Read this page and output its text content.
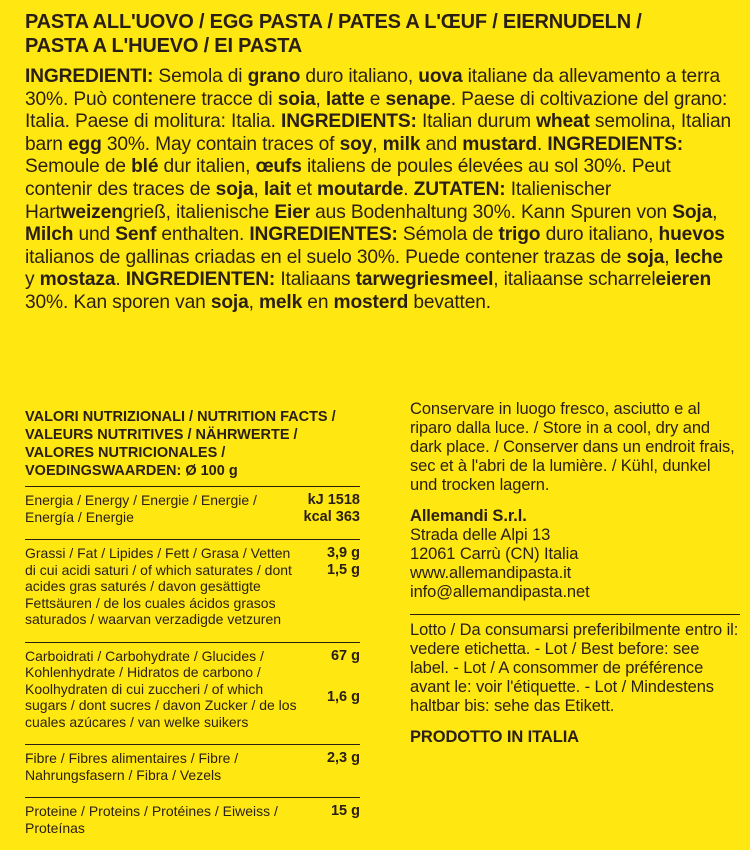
PASTA ALL'UOVO / EGG PASTA / PATES A L'ŒUF / EIERNUDELN /
PASTA A L'HUEVO / EI PASTA
INGREDIENTI: Semola di grano duro italiano, uova italiane da allevamento a terra 30%. Può contenere tracce di soia, latte e senape. Paese di coltivazione del grano: Italia. Paese di molitura: Italia. INGREDIENTS: Italian durum wheat semolina, Italian barn egg 30%. May contain traces of soy, milk and mustard. INGREDIENTS: Semoule de blé dur italien, œufs italiens de poules élevées au sol 30%. Peut contenir des traces de soja, lait et moutarde. ZUTATEN: Italienischer Hartweizengrieß, italienische Eier aus Bodenhaltung 30%. Kann Spuren von Soja, Milch und Senf enthalten. INGREDIENTES: Sémola de trigo duro italiano, huevos italianos de gallinas criadas en el suelo 30%. Puede contener trazas de soja, leche y mostaza. INGREDIENTEN: Italiaans tarwegriesmeel, italiaanse scharreleieren 30%. Kan sporen van soja, melk en mosterd bevatten.
VALORI NUTRIZIONALI / NUTRITION FACTS / VALEURS NUTRITIVES / NÄHRWERTE / VALORES NUTRICIONALES / VOEDINGSWAARDEN: Ø 100 g
Energia / Energy / Energie / Energie / Energía / Energie
kJ 1518
kcal 363
Grassi / Fat / Lipides / Fett / Grasa / Vetten di cui acidi saturi / of which saturates / dont acides gras saturés / davon gesättigte Fettsäuren / de los cuales ácidos grasos saturados / waarvan verzadigde vetzuren
3,9 g
1,5 g
Carboidrati / Carbohydrate / Glucides / Kohlenhydrate / Hidratos de carbono / Koolhydraten di cui zuccheri / of which sugars / dont sucres / davon Zucker / de los cuales azúcares / van welke suikers
67 g
1,6 g
Fibre / Fibres alimentaires / Fibre / Nahrungsfasern / Fibra / Vezels
2,3 g
Proteine / Proteins / Protéines / Eiweiss / Proteínas
15 g
Conservare in luogo fresco, asciutto e al riparo dalla luce. / Store in a cool, dry and dark place. / Conserver dans un endroit frais, sec et à l'abri de la lumière. / Kühl, dunkel und trocken lagern.
Allemandi S.r.l.
Strada delle Alpi 13
12061 Carrù (CN) Italia
www.allemandipasta.it
info@allemandipasta.net
Lotto / Da consumarsi preferibilmente entro il: vedere etichetta. - Lot / Best before: see label. - Lot / A consommer de préférence avant le: voir l'étiquette. - Lot / Mindestens haltbar bis: sehe das Etikett.
PRODOTTO IN ITALIA
